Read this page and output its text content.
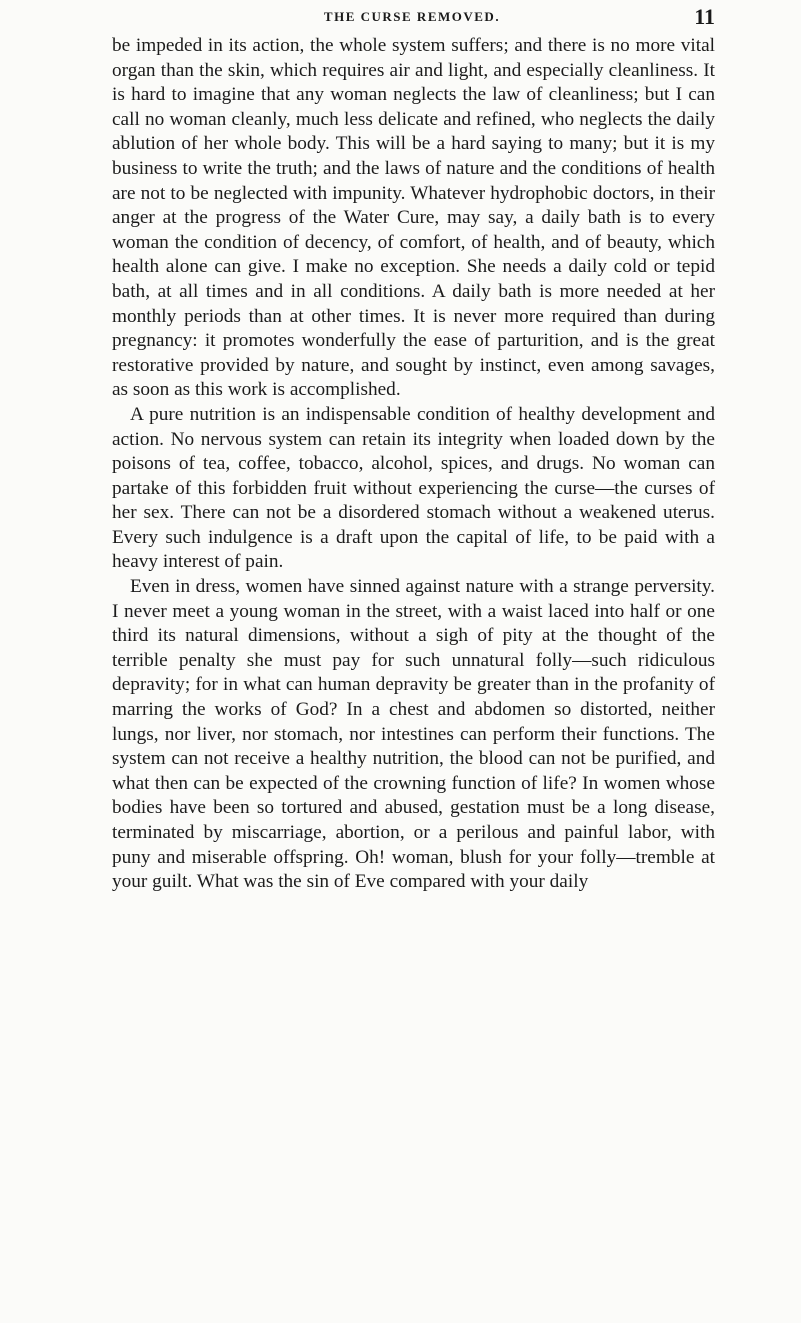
THE CURSE REMOVED.	11

be impeded in its action, the whole system suffers; and there is no more vital organ than the skin, which requires air and light, and especially cleanliness. It is hard to imagine that any woman neglects the law of cleanliness; but I can call no woman cleanly, much less delicate and refined, who neglects the daily ablution of her whole body. This will be a hard saying to many; but it is my business to write the truth; and the laws of nature and the conditions of health are not to be neglected with impunity. Whatever hydrophobic doctors, in their anger at the progress of the Water Cure, may say, a daily bath is to every woman the condition of decency, of comfort, of health, and of beauty, which health alone can give. I make no exception. She needs a daily cold or tepid bath, at all times and in all conditions. A daily bath is more needed at her monthly periods than at other times. It is never more required than during pregnancy: it promotes wonderfully the ease of parturition, and is the great restorative provided by nature, and sought by instinct, even among savages, as soon as this work is accomplished.

A pure nutrition is an indispensable condition of healthy development and action. No nervous system can retain its integrity when loaded down by the poisons of tea, coffee, tobacco, alcohol, spices, and drugs. No woman can partake of this forbidden fruit without experiencing the curse—the curses of her sex. There can not be a disordered stomach without a weakened uterus. Every such indulgence is a draft upon the capital of life, to be paid with a heavy interest of pain.

Even in dress, women have sinned against nature with a strange perversity. I never meet a young woman in the street, with a waist laced into half or one third its natural dimensions, without a sigh of pity at the thought of the terrible penalty she must pay for such unnatural folly—such ridiculous depravity; for in what can human depravity be greater than in the profanity of marring the works of God? In a chest and abdomen so distorted, neither lungs, nor liver, nor stomach, nor intestines can perform their functions. The system can not receive a healthy nutrition, the blood can not be purified, and what then can be expected of the crowning function of life? In women whose bodies have been so tortured and abused, gestation must be a long disease, terminated by miscarriage, abortion, or a perilous and painful labor, with puny and miserable offspring. Oh! woman, blush for your folly—tremble at your guilt. What was the sin of Eve compared with your daily
